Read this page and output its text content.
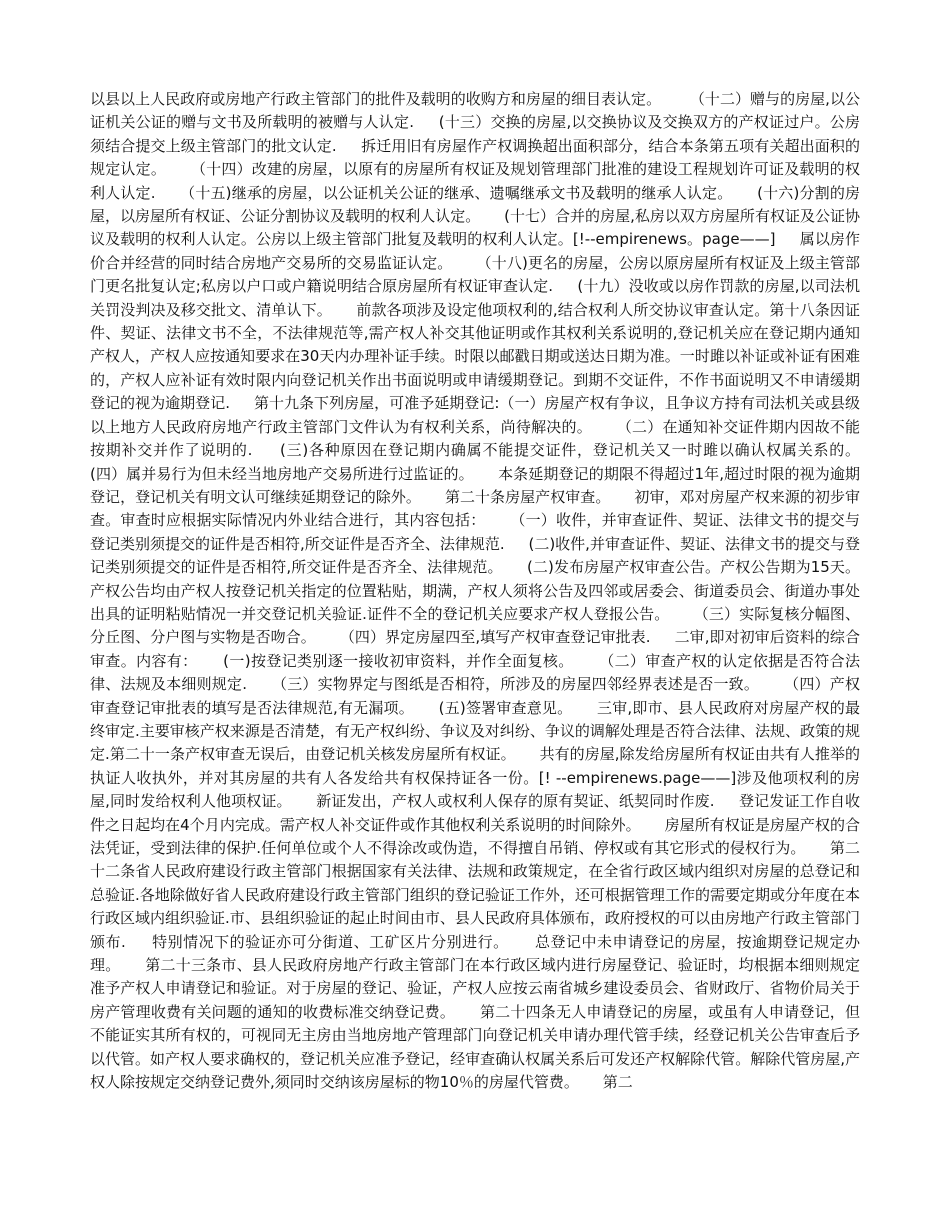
以县以上人民政府或房地产行政主管部门的批件及载明的收购方和房屋的细目表认定。      （十二）赠与的房屋,以公证机关公证的赠与文书及所载明的被赠与人认定.     (十三）交换的房屋,以交换协议及交换双方的产权证过户。公房须结合提交上级主管部门的批文认定.     拆迁用旧有房屋作产权调换超出面积部分，结合本条第五项有关超出面积的规定认定。     （十四）改建的房屋，以原有的房屋所有权证及规划管理部门批准的建设工程规划许可证及载明的权利人认定.     （十五)继承的房屋，以公证机关公证的继承、遗嘱继承文书及载明的继承人认定。     (十六)分割的房屋，以房屋所有权证、公证分割协议及载明的权利人认定。     (十七）合并的房屋,私房以双方房屋所有权证及公证协议及载明的权利人认定。公房以上级主管部门批复及载明的权利人认定。[!--empirenews。page——]     属以房作价合并经营的同时结合房地产交易所的交易监证认定。     （十八)更名的房屋，公房以原房屋所有权证及上级主管部门更名批复认定;私房以户口或户籍说明结合原房屋所有权证审查认定.     (十九）没收或以房作罚款的房屋,以司法机关罚没判决及移交批文、清单认下。     前款各项涉及设定他项权利的,结合权利人所交协议审查认定。第十八条因证件、契证、法律文书不全，不法律规范等,需产权人补交其他证明或作其权利关系说明的,登记机关应在登记期内通知产权人，产权人应按通知要求在30天内办理补证手续。时限以邮戳日期或送达日期为准。一时雎以补证或补证有困难的，产权人应补证有效时限内向登记机关作出书面说明或申请缓期登记。到期不交证件，不作书面说明又不申请缓期登记的视为逾期登记.     第十九条下列房屋，可准予延期登记:（一）房屋产权有争议，且争议方持有司法机关或县级以上地方人民政府房地产行政主管部门文件认为有权利关系，尚待解决的。     （二）在通知补交证件期内因故不能按期补交并作了说明的.     (三)各种原因在登记期内确属不能提交证件，登记机关又一时雎以确认权属关系的。     (四）属并易行为但未经当地房地产交易所进行过监证的。     本条延期登记的期限不得超过1年,超过时限的视为逾期登记，登记机关有明文认可继续延期登记的除外。     第二十条房屋产权审查。     初审，邓对房屋产权来源的初步审查。审查时应根据实际情况内外业结合进行，其内容包括：     （一）收件，并审查证件、契证、法律文书的提交与登记类别须提交的证件是否相符,所交证件是否齐全、法律规范.     (二)收件,并审查证件、契证、法律文书的提交与登记类别须提交的证件是否相符,所交证件是否齐全、法律规范。     (二)发布房屋产权审查公告。产权公告期为15天。产权公告均由产权人按登记机关指定的位置粘贴，期满，产权人须将公告及四邻或居委会、街道委员会、街道办事处出具的证明粘贴情况一并交登记机关验证.证件不全的登记机关应要求产权人登报公告。     （三）实际复核分幅图、分丘图、分户图与实物是否吻合。     （四）界定房屋四至,填写产权审查登记审批表.     二审,即对初审后资料的综合审查。内容有：     (一)按登记类别逐一接收初审资料，并作全面复核。     （二）审查产权的认定依据是否符合法律、法规及本细则规定.     （三）实物界定与图纸是否相符，所涉及的房屋四邻经界表述是否一致。     （四）产权审查登记审批表的填写是否法律规范,有无漏项。     (五)签署审查意见。     三审,即市、县人民政府对房屋产权的最终审定.主要审核产权来源是否清楚，有无产权纠纷、争议及对纠纷、争议的调解处理是否符合法律、法规、政策的规定.第二十一条产权审查无误后，由登记机关核发房屋所有权证。     共有的房屋,除发给房屋所有权证由共有人推举的执证人收执外，并对其房屋的共有人各发给共有权保持证各一份。[! --empirenews.page——]涉及他项权利的房屋,同时发给权利人他项权证。     新证发出，产权人或权利人保存的原有契证、纸契同时作废.     登记发证工作自收件之日起均在4个月内完成。需产权人补交证件或作其他权利关系说明的时间除外。     房屋所有权证是房屋产权的合法凭证，受到法律的保护.任何单位或个人不得涂改或伪造，不得擅自吊销、停权或有其它形式的侵权行为。     第二十二条省人民政府建设行政主管部门根据国家有关法律、法规和政策规定，在全省行政区域内组织对房屋的总登记和总验证.各地除做好省人民政府建设行政主管部门组织的登记验证工作外，还可根据管理工作的需要定期或分年度在本行政区域内组织验证.市、县组织验证的起止时间由市、县人民政府具体颁布，政府授权的可以由房地产行政主管部门颁布.     特别情况下的验证亦可分街道、工矿区片分别进行。     总登记中未申请登记的房屋，按逾期登记规定办理。     第二十三条市、县人民政府房地产行政主管部门在本行政区域内进行房屋登记、验证时，均根据本细则规定准予产权人申请登记和验证。对于房屋的登记、验证，产权人应按云南省城乡建设委员会、省财政厅、省物价局关于房产管理收费有关问题的通知的收费标准交纳登记费。     第二十四条无人申请登记的房屋，或虽有人申请登记，但不能证实其所有权的，可视同无主房由当地房地产管理部门向登记机关申请办理代管手续，经登记机关公告审查后予以代管。如产权人要求确权的，登记机关应准予登记，经审查确认权属关系后可发还产权解除代管。解除代管房屋,产权人除按规定交纳登记费外,须同时交纳该房屋标的物10％的房屋代管费。     第二
